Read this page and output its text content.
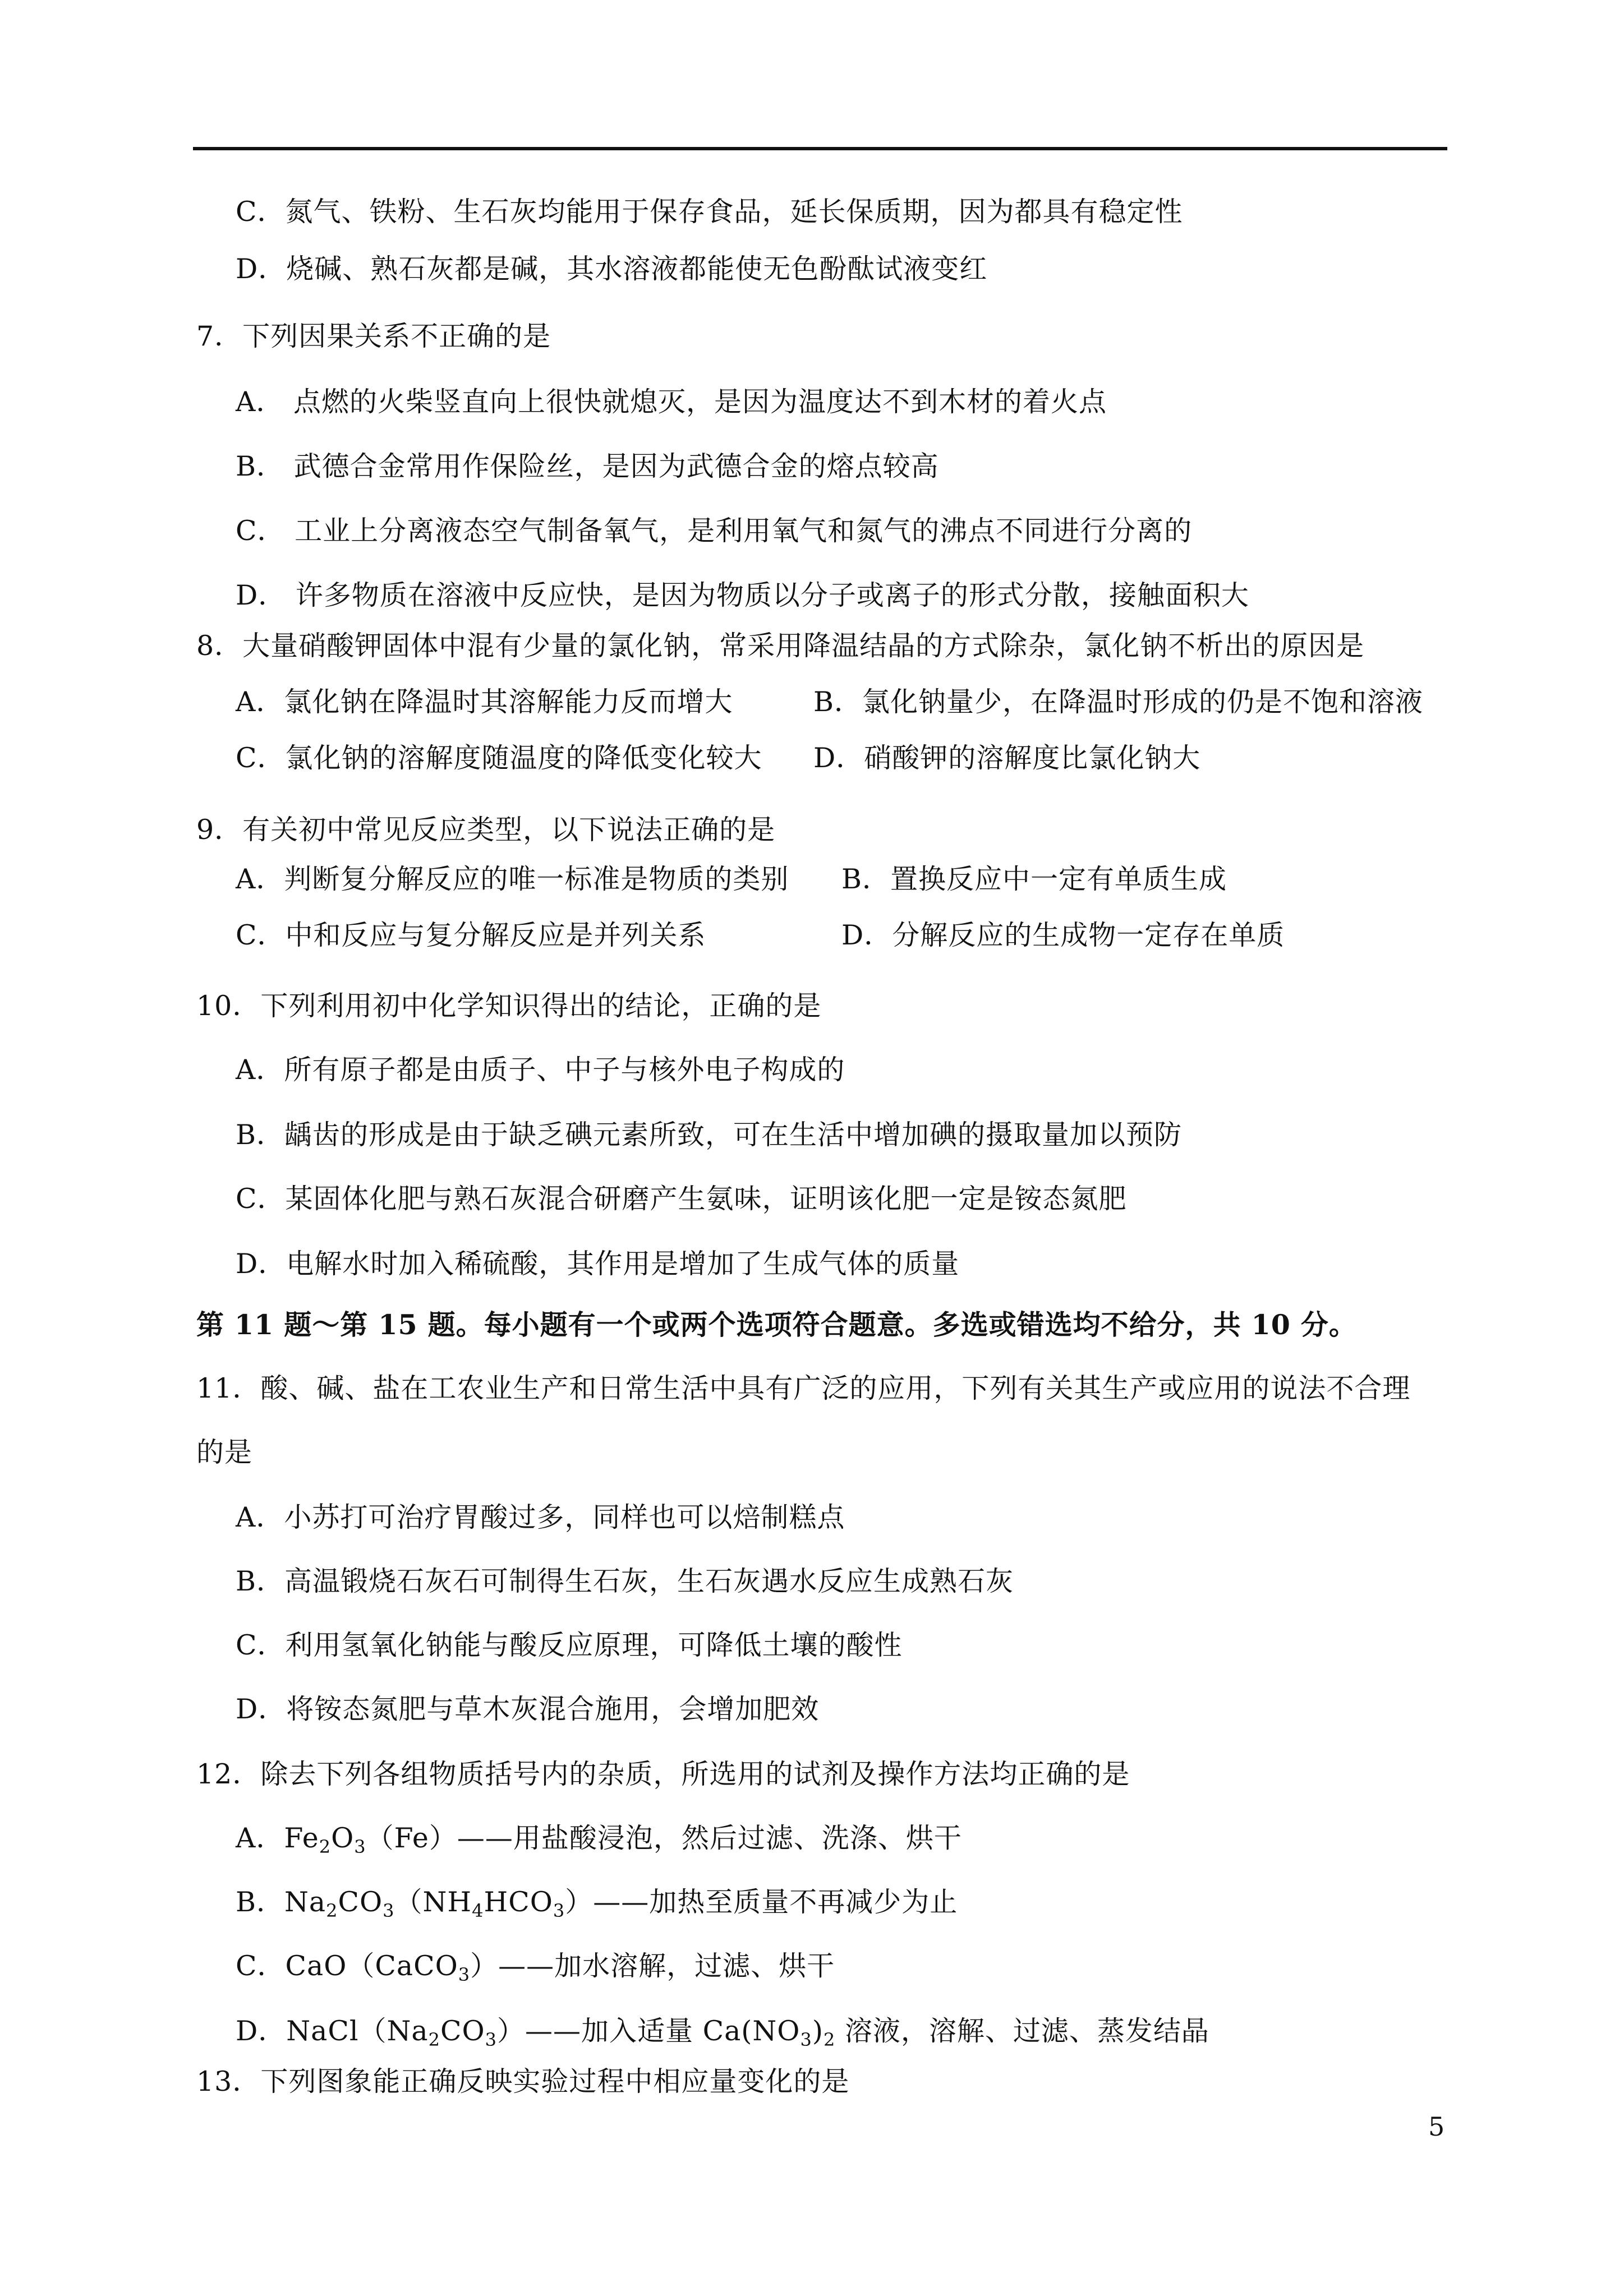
C．氮气、铁粉、生石灰均能用于保存食品，延长保质期，因为都具有稳定性
D．烧碱、熟石灰都是碱，其水溶液都能使无色酚酞试液变红
7．下列因果关系不正确的是
A． 点燃的火柴竖直向上很快就熄灭，是因为温度达不到木材的着火点
B． 武德合金常用作保险丝，是因为武德合金的熔点较高
C． 工业上分离液态空气制备氧气，是利用氧气和氮气的沸点不同进行分离的
D． 许多物质在溶液中反应快，是因为物质以分子或离子的形式分散，接触面积大
8．大量硝酸钾固体中混有少量的氯化钠，常采用降温结晶的方式除杂，氯化钠不析出的原因是
A．氯化钠在降温时其溶解能力反而增大	B．氯化钠量少，在降温时形成的仍是不饱和溶液
C．氯化钠的溶解度随温度的降低变化较大 D．硝酸钾的溶解度比氯化钠大
9．有关初中常见反应类型，以下说法正确的是
A．判断复分解反应的唯一标准是物质的类别 B．置换反应中一定有单质生成
C．中和反应与复分解反应是并列关系	D．分解反应的生成物一定存在单质
10．下列利用初中化学知识得出的结论，正确的是
A．所有原子都是由质子、中子与核外电子构成的
B．龋齿的形成是由于缺乏碘元素所致，可在生活中增加碘的摄取量加以预防
C．某固体化肥与熟石灰混合研磨产生氨味，证明该化肥一定是铵态氮肥
D．电解水时加入稀硫酸，其作用是增加了生成气体的质量
第 11 题～第 15 题。每小题有一个或两个选项符合题意。多选或错选均不给分，共 10 分。
11．酸、碱、盐在工农业生产和日常生活中具有广泛的应用，下列有关其生产或应用的说法不合理
的是
A．小苏打可治疗胃酸过多，同样也可以焙制糕点
B．高温锻烧石灰石可制得生石灰，生石灰遇水反应生成熟石灰
C．利用氢氧化钠能与酸反应原理，可降低土壤的酸性
D．将铵态氮肥与草木灰混合施用，会增加肥效
12．除去下列各组物质括号内的杂质，所选用的试剂及操作方法均正确的是
A．$Fe_2O_3(Fe)——$用盐酸浸泡，然后过滤、洗涤、烘干
B．$Na_2CO_3(NH_4HCO_3)——$加热至质量不再减少为止
C．CaO（CaCO$_3$）——加水溶解，过滤、烘干
D．$NaCl(Na_2CO_3)——$加入适量 $Ca(NO_3)_2$ 溶液，溶解、过滤、蒸发结晶
13．下列图象能正确反映实验过程中相应量变化的是
5
